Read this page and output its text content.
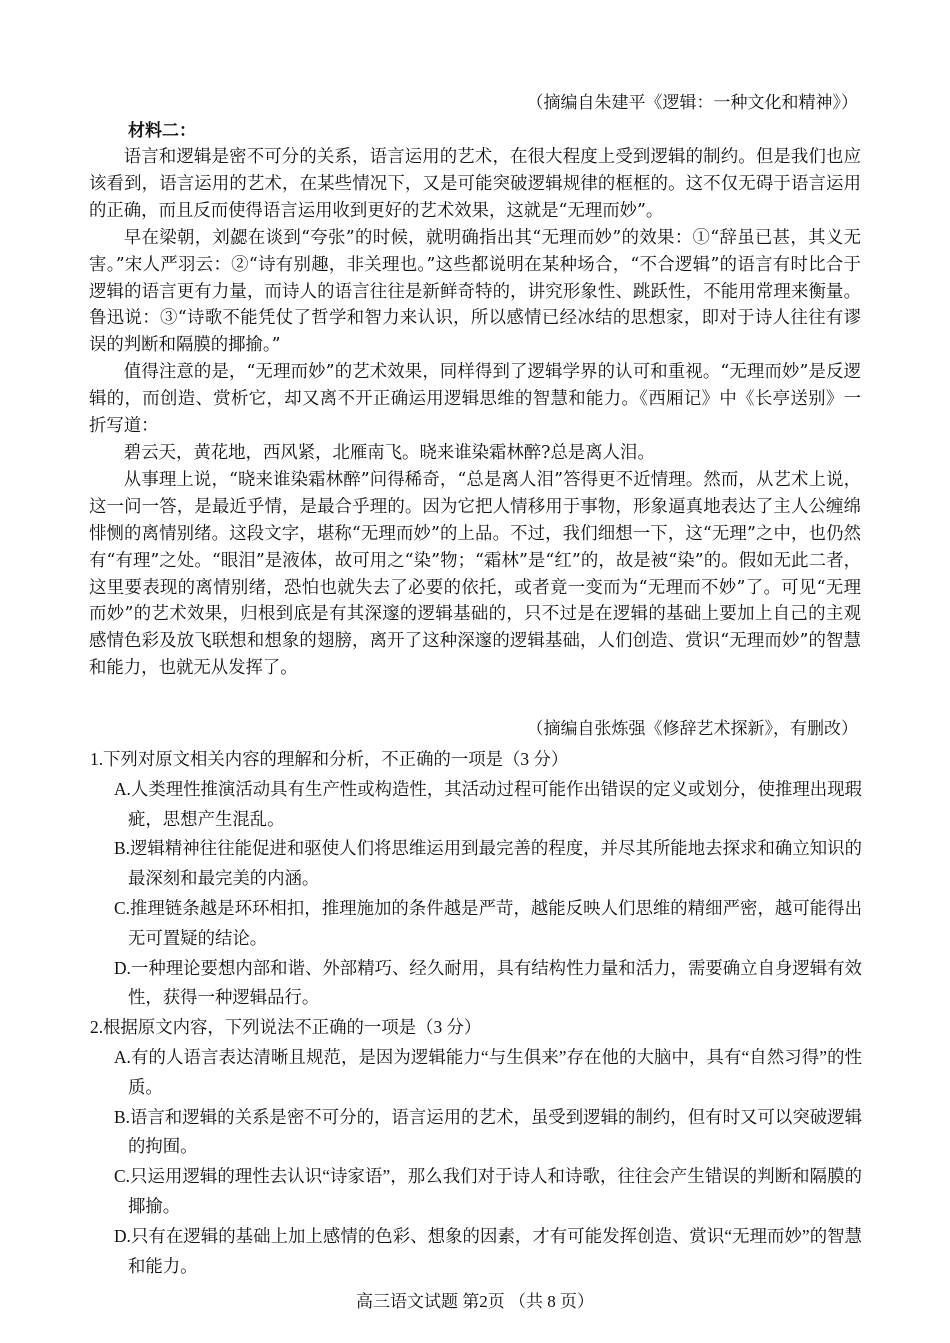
（摘编自朱建平《逻辑：一种文化和精神》）
材料二：

语言和逻辑是密不可分的关系，语言运用的艺术，在很大程度上受到逻辑的制约。但是我们也应该看到，语言运用的艺术，在某些情况下，又是可能突破逻辑规律的框框的。这不仅无碍于语言运用的正确，而且反而使得语言运用收到更好的艺术效果，这就是“无理而妙”。

早在梁朝，刘勰在谈到“夸张”的时候，就明确指出其“无理而妙”的效果：①“辞虽已甚，其义无害。”宋人严羽云：②“诗有别趣，非关理也。”这些都说明在某种场合，“不合逻辑”的语言有时比合于逻辑的语言更有力量，而诗人的语言往往是新鲜奇特的，讲究形象性、跳跃性，不能用常理来衡量。鲁迅说：③“诗歌不能凭仗了哲学和智力来认识，所以感情已经冰结的思想家，即对于诗人往往有谬误的判断和隔膜的揶揄。”

值得注意的是，“无理而妙”的艺术效果，同样得到了逻辑学界的认可和重视。“无理而妙”是反逻辑的，而创造、赏析它，却又离不开正确运用逻辑思维的智慧和能力。《西厢记》中《长亭送别》一折写道：

碧云天，黄花地，西风紧，北雁南飞。晓来谁染霜林醉?总是离人泪。

从事理上说，“晓来谁染霜林醉”问得稀奇，“总是离人泪”答得更不近情理。然而，从艺术上说，这一问一答，是最近乎情，是最合乎理的。因为它把人情移用于事物，形象逼真地表达了主人公缠绵悱恻的离情别绪。这段文字，堪称“无理而妙”的上品。不过，我们细想一下，这“无理”之中，也仍然有“有理”之处。“眼泪”是液体，故可用之“染”物；“霜林”是“红”的，故是被“染”的。假如无此二者，这里要表现的离情别绪，恐怕也就失去了必要的依托，或者竟一变而为“无理而不妙”了。可见“无理而妙”的艺术效果，归根到底是有其深邃的逻辑基础的，只不过是在逻辑的基础上要加上自己的主观感情色彩及放飞联想和想象的翅膀，离开了这种深邃的逻辑基础，人们创造、赏识“无理而妙”的智慧和能力，也就无从发挥了。

（摘编自张炼强《修辞艺术探新》，有删改）

1.下列对原文相关内容的理解和分析，不正确的一项是（3 分）

A.人类理性推演活动具有生产性或构造性，其活动过程可能作出错误的定义或划分，使推理出现瑕疵，思想产生混乱。

B.逻辑精神往往能促进和驱使人们将思维运用到最完善的程度，并尽其所能地去探求和确立知识的最深刻和最完美的内涵。

C.推理链条越是环环相扣，推理施加的条件越是严苛，越能反映人们思维的精细严密，越可能得出无可置疑的结论。

D.一种理论要想内部和谐、外部精巧、经久耐用，具有结构性力量和活力，需要确立自身逻辑有效性，获得一种逻辑品行。

2.根据原文内容，下列说法不正确的一项是（3 分）

A.有的人语言表达清晰且规范，是因为逻辑能力“与生俱来”存在他的大脑中，具有“自然习得”的性质。

B.语言和逻辑的关系是密不可分的，语言运用的艺术，虽受到逻辑的制约，但有时又可以突破逻辑的拘囿。

C.只运用逻辑的理性去认识“诗家语”，那么我们对于诗人和诗歌，往往会产生错误的判断和隔膜的揶揄。

D.只有在逻辑的基础上加上感情的色彩、想象的因素，才有可能发挥创造、赏识“无理而妙”的智慧和能力。

高三语文试题 第2页 （共 8 页）
